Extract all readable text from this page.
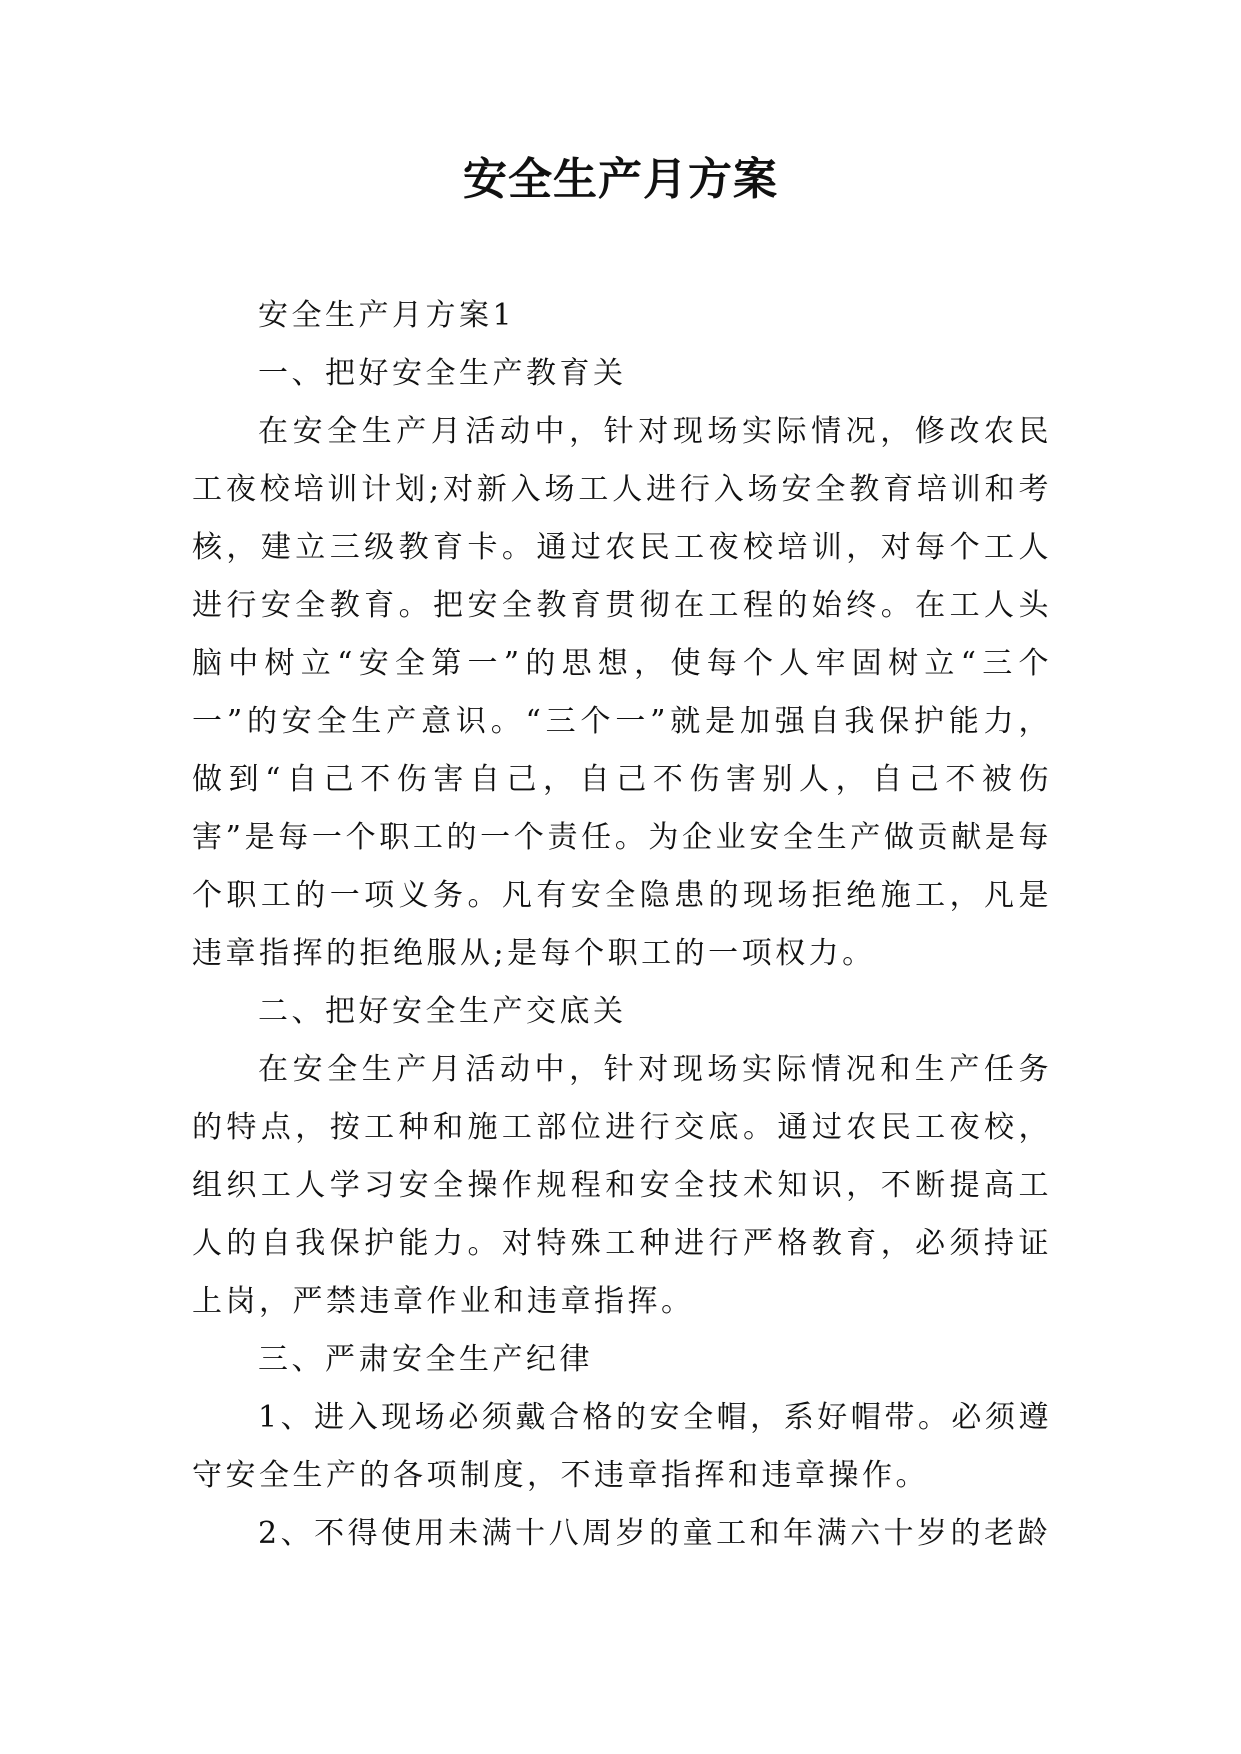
安全生产月方案

安全生产月方案1

一、把好安全生产教育关

在安全生产月活动中，针对现场实际情况，修改农民工夜校培训计划;对新入场工人进行入场安全教育培训和考核，建立三级教育卡。通过农民工夜校培训，对每个工人进行安全教育。把安全教育贯彻在工程的始终。在工人头脑中树立“安全第一”的思想，使每个人牢固树立“三个一”的安全生产意识。“三个一”就是加强自我保护能力，做到“自己不伤害自己，自己不伤害别人，自己不被伤害”是每一个职工的一个责任。为企业安全生产做贡献是每个职工的一项义务。凡有安全隐患的现场拒绝施工，凡是违章指挥的拒绝服从;是每个职工的一项权力。

二、把好安全生产交底关

在安全生产月活动中，针对现场实际情况和生产任务的特点，按工种和施工部位进行交底。通过农民工夜校，组织工人学习安全操作规程和安全技术知识，不断提高工人的自我保护能力。对特殊工种进行严格教育，必须持证上岗，严禁违章作业和违章指挥。

三、严肃安全生产纪律

1、进入现场必须戴合格的安全帽，系好帽带。必须遵守安全生产的各项制度，不违章指挥和违章操作。

2、不得使用未满十八周岁的童工和年满六十岁的老龄
